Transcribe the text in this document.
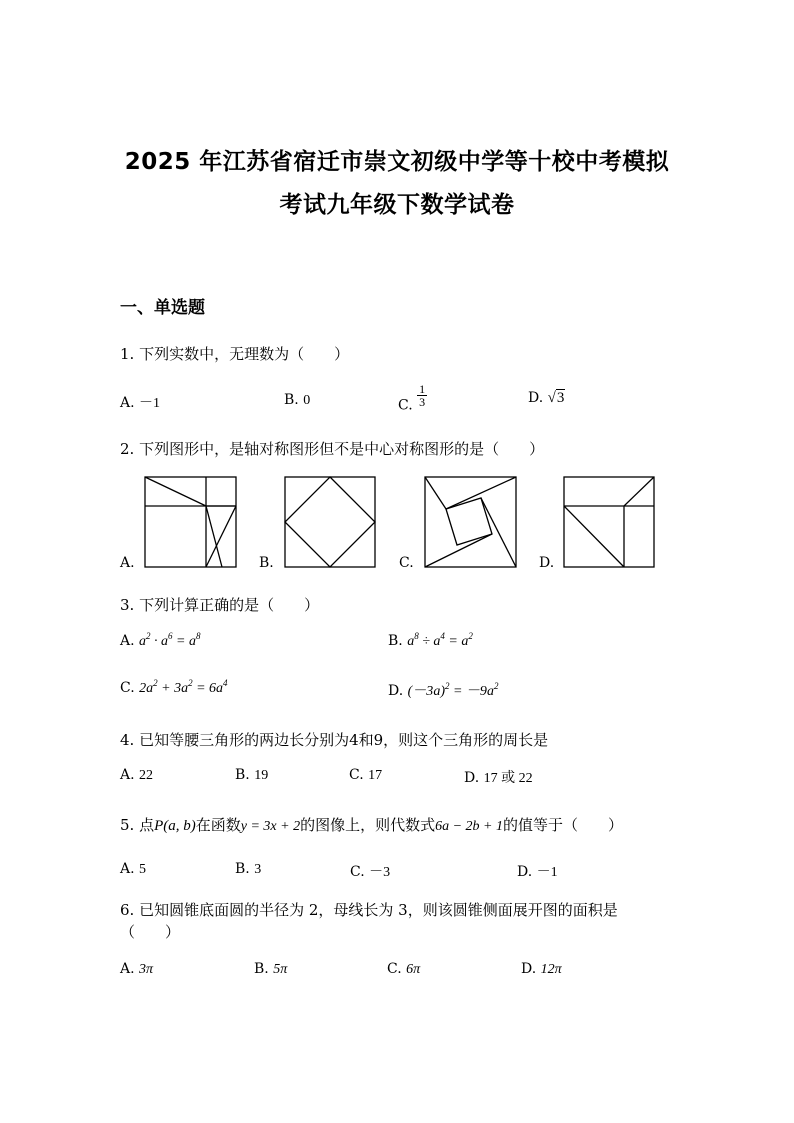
2025 年江苏省宿迁市崇文初级中学等十校中考模拟
考试九年级下数学试卷
一、单选题
1. 下列实数中，无理数为（　　）
A. －1	B. 0	C. $\frac{1}{3}$	D. √3
2. 下列图形中，是轴对称图形但不是中心对称图形的是（　　）
A.	B.	C.	D.
3. 下列计算正确的是（　　）
A. $a^2 \cdot a^6 = a^8$	B. $a^8 \div a^4 = a^2$
C. $2a^2 + 3a^2 = 6a^4$	D. $(-3a)^2 = -9a^2$
4. 已知等腰三角形的两边长分别为4和9，则这个三角形的周长是
A. 22	B. 19	C. 17	D. 17 或 22
5. 点P(a, b)在函数y = 3x + 2的图像上，则代数式6a − 2b + 1的值等于（　　）
A. 5	B. 3	C. －3	D. －1
6. 已知圆锥底面圆的半径为 2，母线长为 3，则该圆锥侧面展开图的面积是
（　　）
A. 3π	B. 5π	C. 6π	D. 12π
